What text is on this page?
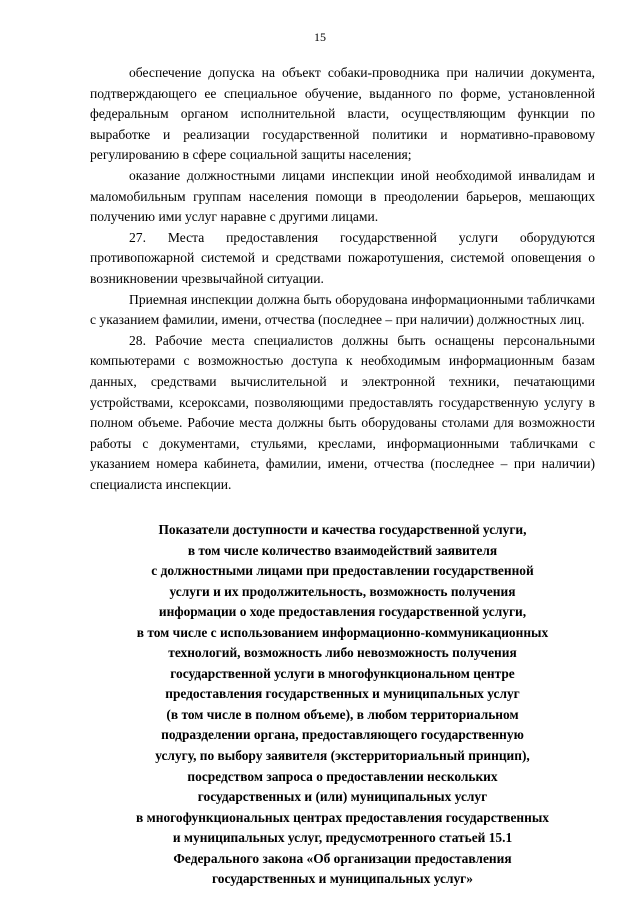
15

обеспечение допуска на объект собаки-проводника при наличии документа, подтверждающего ее специальное обучение, выданного по форме, установленной федеральным органом исполнительной власти, осуществляющим функции по выработке и реализации государственной политики и нормативно-правовому регулированию в сфере социальной защиты населения;

оказание должностными лицами инспекции иной необходимой инвалидам и маломобильным группам населения помощи в преодолении барьеров, мешающих получению ими услуг наравне с другими лицами.

27. Места предоставления государственной услуги оборудуются противопожарной системой и средствами пожаротушения, системой оповещения о возникновении чрезвычайной ситуации.

Приемная инспекции должна быть оборудована информационными табличками с указанием фамилии, имени, отчества (последнее – при наличии) должностных лиц.

28. Рабочие места специалистов должны быть оснащены персональными компьютерами с возможностью доступа к необходимым информационным базам данных, средствами вычислительной и электронной техники, печатающими устройствами, ксероксами, позволяющими предоставлять государственную услугу в полном объеме. Рабочие места должны быть оборудованы столами для возможности работы с документами, стульями, креслами, информационными табличками с указанием номера кабинета, фамилии, имени, отчества (последнее – при наличии) специалиста инспекции.

Показатели доступности и качества государственной услуги,
в том числе количество взаимодействий заявителя
с должностными лицами при предоставлении государственной
услуги и их продолжительность, возможность получения
информации о ходе предоставления государственной услуги,
в том числе с использованием информационно-коммуникационных
технологий, возможность либо невозможность получения
государственной услуги в многофункциональном центре
предоставления государственных и муниципальных услуг
(в том числе в полном объеме), в любом территориальном
подразделении органа, предоставляющего государственную
услугу, по выбору заявителя (экстерриториальный принцип),
посредством запроса о предоставлении нескольких
государственных и (или) муниципальных услуг
в многофункциональных центрах предоставления государственных
и муниципальных услуг, предусмотренного статьей 15.1
Федерального закона «Об организации предоставления
государственных и муниципальных услуг»
